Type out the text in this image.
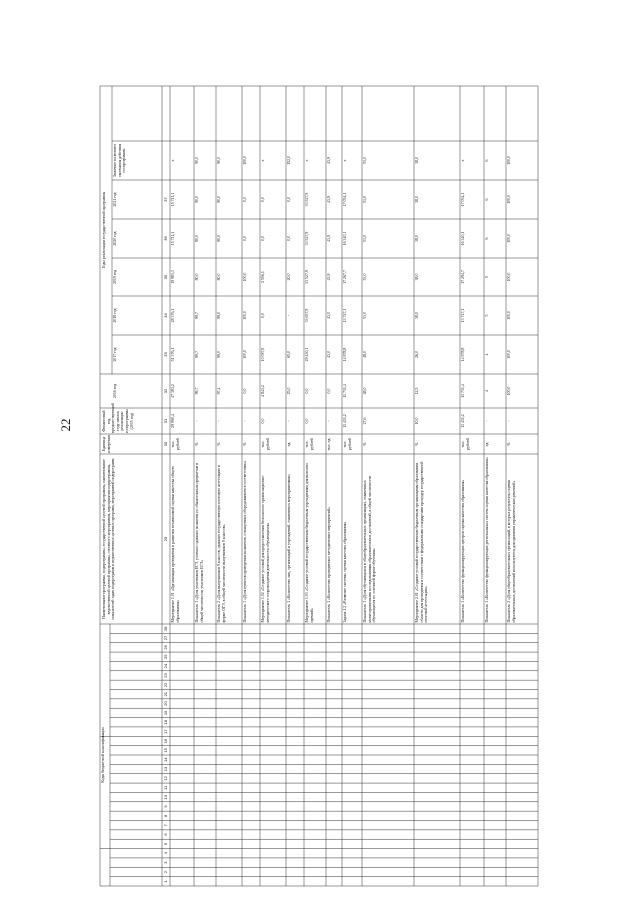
22
Коды бюджетной классификации
Годы реализации государственной программы
Наименование программы, подпрограммы, государственной целевой программы, наименование ведомственной целевой программы, основного мероприятия, мероприятия подпрограммы, показателей задач подпрограмм и ведомственных целевых программ, мероприятий подпрограмм
Единица измерения
Финансовый год, предшествующий году начала реализации госпрограммы (2015 год)
2016 год
2017 год
2018 год
2019 год
2020 год
2021 год
Значение на момент окончания действия госпрограммы
1
2
3
4
5
6
7
8
9
10
11
12
13
14
15
16
17
18
19
20
21
22
23
24
25
26
27
28
29
30
31
32
33
34
35
36
37
Мероприятие 1.01 «Организация проведения и развития независимой оценки качества общего образования»
тыс. рублей
29 990,4
47 383,2
51 376,1
28 376,1
19 983,3
15 711,1
15 711,1
х
Показатель 1 «Доля участников ЕГЭ, успешно сдавших экзамены по обязательным предметам в общей численности участников ЕГЭ»
%
-
99,7
99,7
99,7
80,0
80,0
90,0
90,0
Показатель 2 «Доля выпускников 9 классов, сдавших государственную итоговую аттестацию в форме ОГЭ, в общей численности выпускников 9 классов»
%
-
97,4
99,0
99,0
80,0
90,0
90,0
90,0
Показатель 3 «Доля пунктов проведения экзаменов, оснащенных оборудованием в соответствии»
%
-
0,0
100,0
100,0
100,0
0,0
0,0
100,0
Мероприятие 1.02 «Создание условий для предоставления бесплатного организационно-методического сопровождения деятельности обучающихся»
тыс. рублей
0,0
4 841,2
10 097,8
0,0
2 556,1
0,0
0,0
х
Показатель 1 «Количество лиц, организаций и учреждений, охваченных мероприятиями»
ед.
-
25,0
65,0
-
20,0
0,0
0,0
152,0
Мероприятие 1.03 «Создание условий государственным бюджетным учреждениям для выплаты премий»
тыс. рублей
0,0
0,0
29 430,1
33 657,9
33 527,9
33 527,9
33 527,9
х
Показатель 1 «Количество проведенных методических мероприятий»
тыс. ед.
-
0,0
43,0
43,0
43,9
43,9
43,9
43,9
Задача 1.2 «Развитие системы оценки качества образования»
тыс. рублей
11 431,2
11 731,4
14 978,8
13 747,1
17 267,7
16 340,1
17 054,1
х
Показатель 1 «Доля обучающихся в общеобразовательных организациях, охваченных мониторинговыми исследованиями образовательных достижений, в общей численности обучающихся по основной форме обучения»
%
27,6
48,0
48,0
53,0
53,0
53,0
53,0
53,0
Мероприятие 2.01 «Создание условий государственным бюджетным организациям образования области для проведения в соответствии с федеральными стандартами процедур государственной итоговой аттестации»
%
10,0
12,5
26,0
38,0
38,0
38,0
38,0
38,0
Показатель 1 «Количество функционирующих центров оценки качества образования»
тыс. рублей
11 431,2
11 731,4
14 978,8
13 747,1
17 294,7
16 340,1
17 054,1
х
Показатель 1 «Количество функционирующих региональных систем оценки качества образования»
ед.
-
4
4
5
5
6
6
6
Показатель 2 «Доля общеобразовательных организаций, в которых результаты оценки образовательных достижений используются для принятия управленческих решений»
%
-
100,0
100,0
100,0
100,0
100,0
100,0
100,0
